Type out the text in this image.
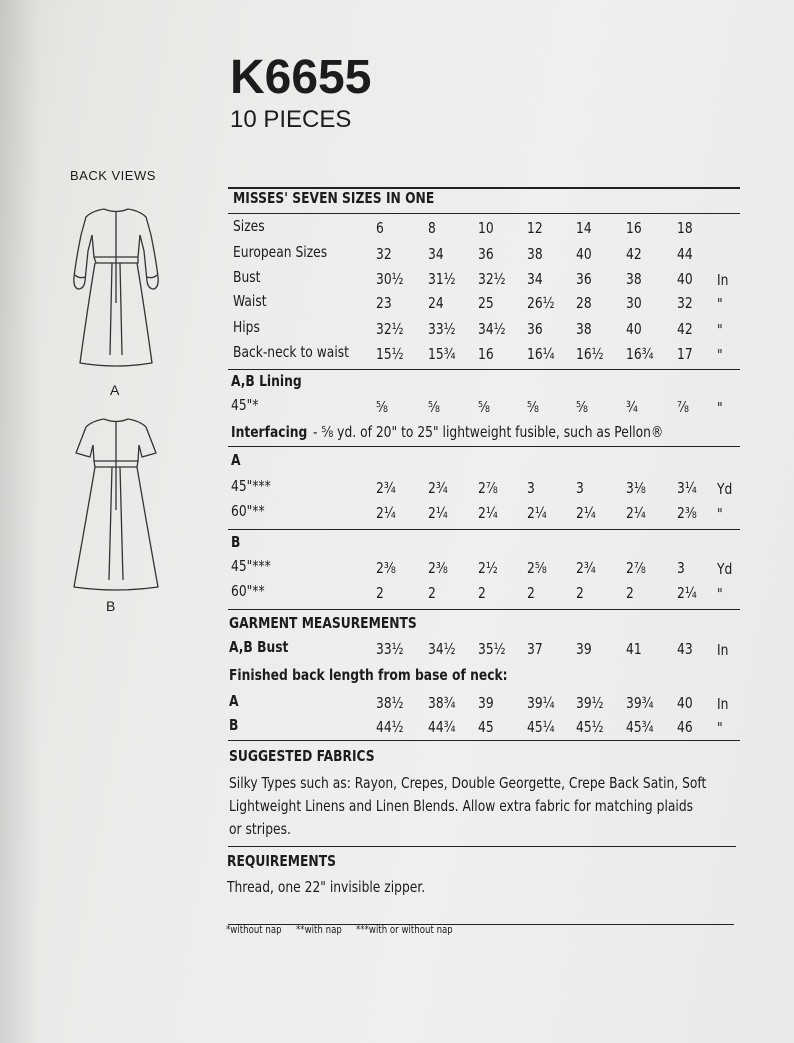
K6655
10 PIECES
BACK VIEWS
A
B
MISSES' SEVEN SIZES IN ONE
Sizes	6	8	10 12 14 16 18
European Sizes	32 34 36 38 40 42 44
Bust	30½ 31½ 32½ 34 36 38 40 In
Waist	23 24 25 26½ 28 30 32 "
Hips	32½ 33½ 34½ 36 38 40 42 "
Back-neck to waist 15½ 15¾ 16 16¼ 16½ 16¾ 17 "
A,B Lining
45"*	⅝	⅝	⅝ ⅝ ⅝	¾	⅞ "
Interfacing - ⅝ yd. of 20" to 25" lightweight fusible, such as Pellon®
A
45"***	2¾ 2¾ 2⅞ 3	3	3⅛ 3¼ Yd
60"**	2¼ 2¼ 2¼ 2¼ 2¼ 2¼ 2⅜ "
B
45"***	2⅜ 2⅜ 2½ 2⅝ 2¾ 2⅞ 3 Yd
60"**	2	2	2	2	2	2	2¼ "
GARMENT MEASUREMENTS
A,B Bust	33½ 34½ 35½ 37 39 41 43 In
Finished back length from base of neck:
A	38½ 38¾ 39 39¼ 39½ 39¾ 40 In
B	44½ 44¾ 45 45¼ 45½ 45¾ 46 "
SUGGESTED FABRICS
Silky Types such as: Rayon, Crepes, Double Georgette, Crepe Back Satin, Soft
Lightweight Linens and Linen Blends. Allow extra fabric for matching plaids
or stripes.
REQUIREMENTS
Thread, one 22" invisible zipper.
*without nap **with nap ***with or without nap
